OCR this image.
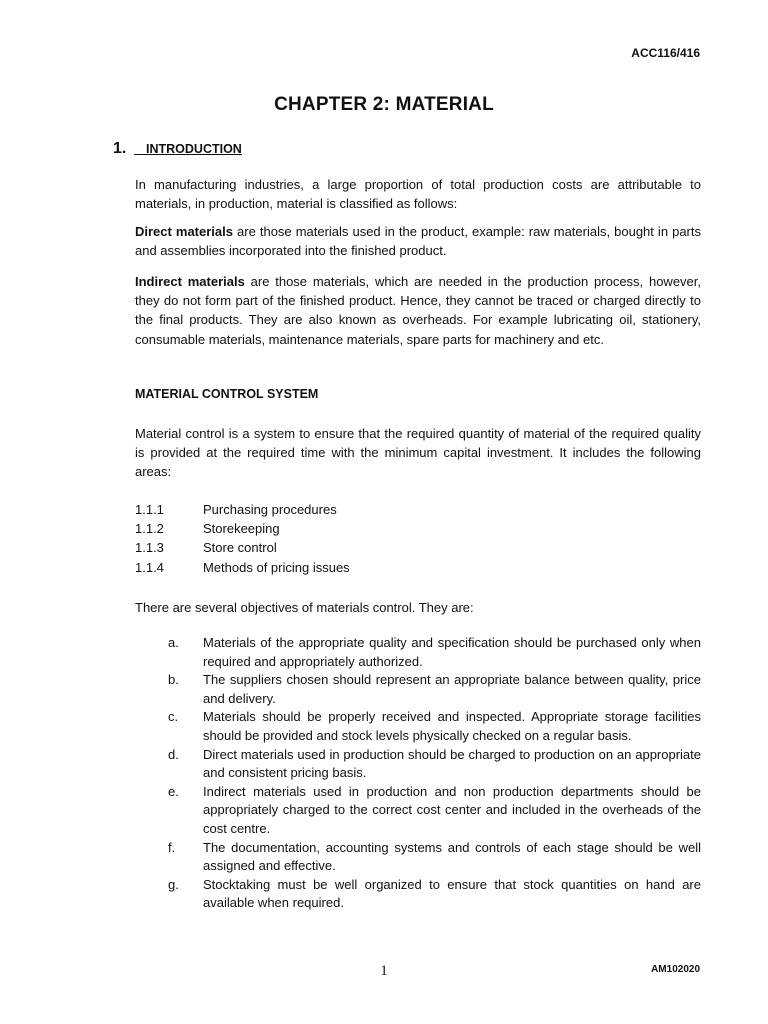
ACC116/416
CHAPTER 2: MATERIAL
1. INTRODUCTION
In manufacturing industries, a large proportion of total production costs are attributable to materials, in production, material is classified as follows:
Direct materials are those materials used in the product, example: raw materials, bought in parts and assemblies incorporated into the finished product.
Indirect materials are those materials, which are needed in the production process, however, they do not form part of the finished product. Hence, they cannot be traced or charged directly to the final products. They are also known as overheads. For example lubricating oil, stationery, consumable materials, maintenance materials, spare parts for machinery and etc.
MATERIAL CONTROL SYSTEM
Material control is a system to ensure that the required quantity of material of the required quality is provided at the required time with the minimum capital investment. It includes the following areas:
1.1.1	Purchasing procedures
1.1.2	Storekeeping
1.1.3	Store control
1.1.4	Methods of pricing issues
There are several objectives of materials control. They are:
a. Materials of the appropriate quality and specification should be purchased only when required and appropriately authorized.
b. The suppliers chosen should represent an appropriate balance between quality, price and delivery.
c. Materials should be properly received and inspected. Appropriate storage facilities should be provided and stock levels physically checked on a regular basis.
d. Direct materials used in production should be charged to production on an appropriate and consistent pricing basis.
e. Indirect materials used in production and non production departments should be appropriately charged to the correct cost center and included in the overheads of the cost centre.
f. The documentation, accounting systems and controls of each stage should be well assigned and effective.
g. Stocktaking must be well organized to ensure that stock quantities on hand are available when required.
1	AM102020
